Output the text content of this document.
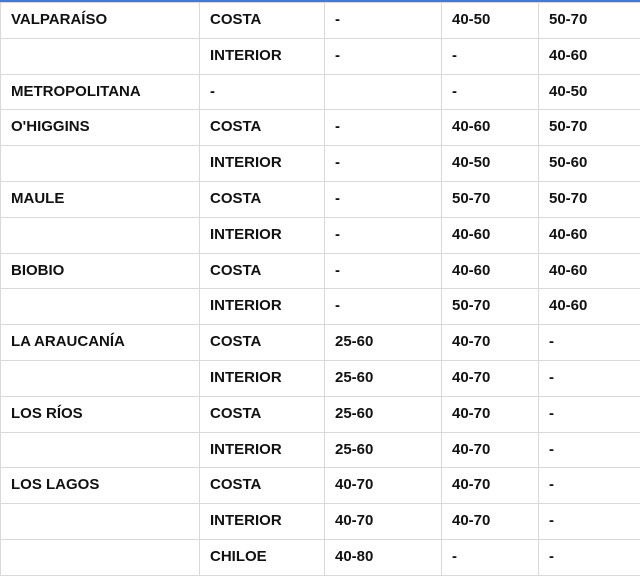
VALPARAÍSO	COSTA	-	40-50	50-70
	INTERIOR	-	-	40-60
METROPOLITANA	-		-	40-50
O'HIGGINS	COSTA	-	40-60	50-70
	INTERIOR	-	40-50	50-60
MAULE	COSTA	-	50-70	50-70
	INTERIOR	-	40-60	40-60
BIOBIO	COSTA	-	40-60	40-60
	INTERIOR	-	50-70	40-60
LA ARAUCANÍA	COSTA	25-60	40-70	-
	INTERIOR	25-60	40-70	-
LOS RÍOS	COSTA	25-60	40-70	-
	INTERIOR	25-60	40-70	-
LOS LAGOS	COSTA	40-70	40-70	-
	INTERIOR	40-70	40-70	-
	CHILOE	40-80	-	-
